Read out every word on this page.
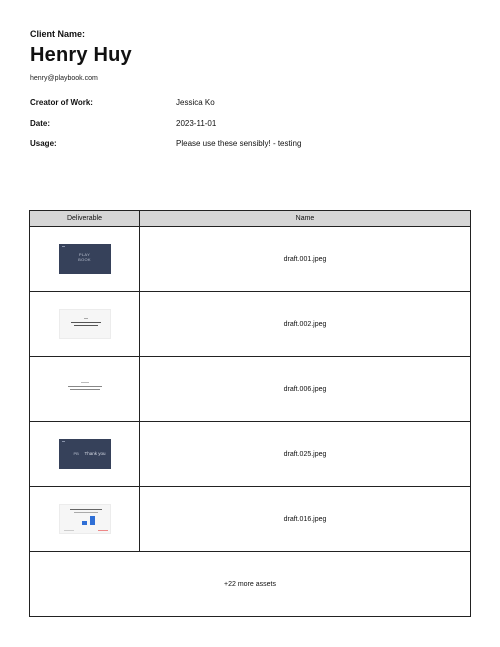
Client Name:
Henry Huy
henry@playbook.com
Creator of Work:	Jessica Ko
Date:	2023-11-01
Usage:	Please use these sensibly! - testing
Deliverable	Name

PLAY
BOOK	draft.001.jpeg

	draft.002.jpeg

	draft.006.jpeg

PB Thank you	draft.025.jpeg

	draft.016.jpeg
+22 more assets	
